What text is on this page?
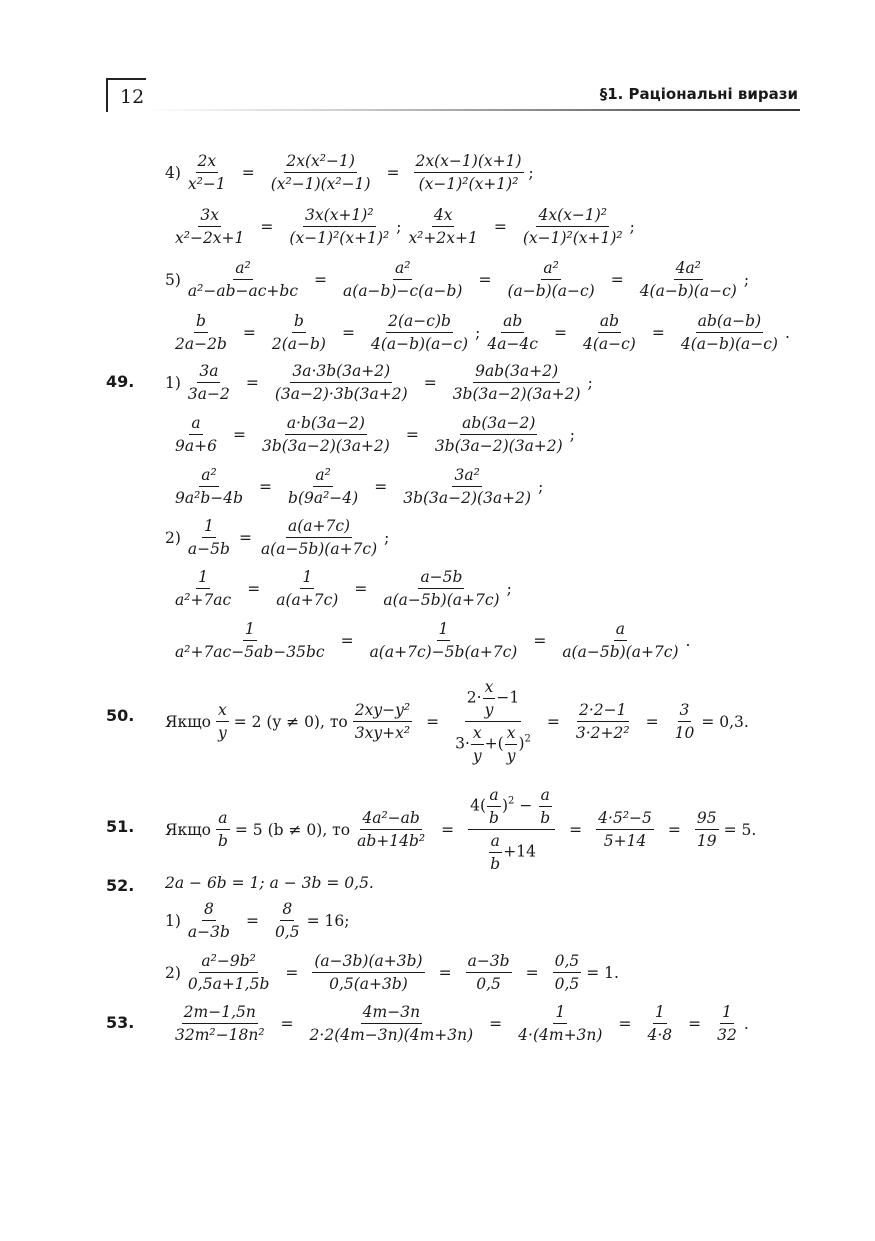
12	§1. Раціональні вирази
$4) \frac{2x}{\text{x²−1}} = \frac{\text{2x(x²−1)}}{\text{(x²−1)(x²−1)}} = \frac{2x(x-1)(x+1)}{\text{(x−1)²(x+1)²}}$ ;
$\frac{3x}{\text{x²−2x+1}} = \frac{\text{3x(x+1)²}}{\text{(x−1)²(x+1)²}}$ ; $\frac{4x}{\text{x²+2x+1}} = \frac{\text{4x(x−1)²}}{\text{(x−1)²(x+1)²}}$ ;
$5) \frac{\text{a²}}{\text{a²−ab−ac+bc}} = \frac{\text{a²}}{a(a-b)-c(a-b)} = \frac{\text{a²}}{(a-b)(a-c)} = \frac{\text{4a²}}{4(a-b)(a-c)}$ ;
$\frac{b}{2a-2b} = \frac{b}{2(a-b)} = \frac{2(a-c)b}{4(a-b)(a-c)}$ ; $\frac{ab}{4a-4c} = \frac{ab}{4(a-c)} = \frac{ab(a-b)}{4(a-b)(a-c)}$ .
49. $1) \frac{3a}{3a-2} = \frac{3a\cdot 3b(3a+2)}{(3a-2)\cdot 3b(3a+2)} = \frac{9ab(3a+2)}{3b(3a-2)(3a+2)}$ ;
$\frac{a}{9a+6} = \frac{a\cdot b(3a-2)}{3b(3a-2)(3a+2)} = \frac{ab(3a-2)}{3b(3a-2)(3a+2)}$ ;
$\frac{\text{a²}}{\text{9a²b−4b}} = \frac{\text{a²}}{\text{b(9a²−4)}} = \frac{\text{3a²}}{3b(3a-2)(3a+2)}$ ;
$2) \frac{1}{a-5b} = \frac{a(a+7c)}{a(a-5b)(a+7c)}$ ;
$\frac{1}{\text{a²+7ac}} = \frac{1}{a(a+7c)} = \frac{a-5b}{a(a-5b)(a+7c)}$ ;
$\frac{1}{\text{a²+7ac−5ab−35bc}} = \frac{1}{a(a+7c)-5b(a+7c)} = \frac{a}{a(a-5b)(a+7c)}$ .
50. Якщо $\frac{x}{y} = 2$ (y ≠ 0), то $\frac{\text{2xy−y²}}{\text{3xy+x²}} = \frac{2\cdot \frac{x}{y} -1}{3\cdot \frac{x}{y} +( \frac{x}{y} )^2} = \frac{2\cdot 2-1}{\text{3·2+2²}} = \frac{3}{10} = 0,3$.
51. Якщо $\frac{a}{b} = 5$ (b ≠ 0), то $\frac{\text{4a²−ab}}{\text{ab+14b²}} = \frac{4( \frac{a}{b} )^2 - \frac{a}{b}}{\frac{a}{b} +14} = \frac{\text{4·5²−5}}{5+14} = \frac{95}{19} = 5$.
52. 2a − 6b = 1; a − 3b = 0,5.
$1) \frac{8}{a-3b} = \frac{8}{0,5} = 16$;
$2) \frac{\text{a²−9b²}}{0,5a+1,5b} = \frac{(a-3b)(a+3b)}{0,5(a+3b)} = \frac{a-3b}{0,5} = \frac{0,5}{0,5} = 1$.
53. $\frac{2m-1,5n}{\text{32m²−18n²}} = \frac{4m-3n}{2\cdot 2(4m-3n)(4m+3n)} = \frac{1}{4\cdot(4m+3n)} = \frac{1}{4\cdot 8} = \frac{1}{32}$ .
